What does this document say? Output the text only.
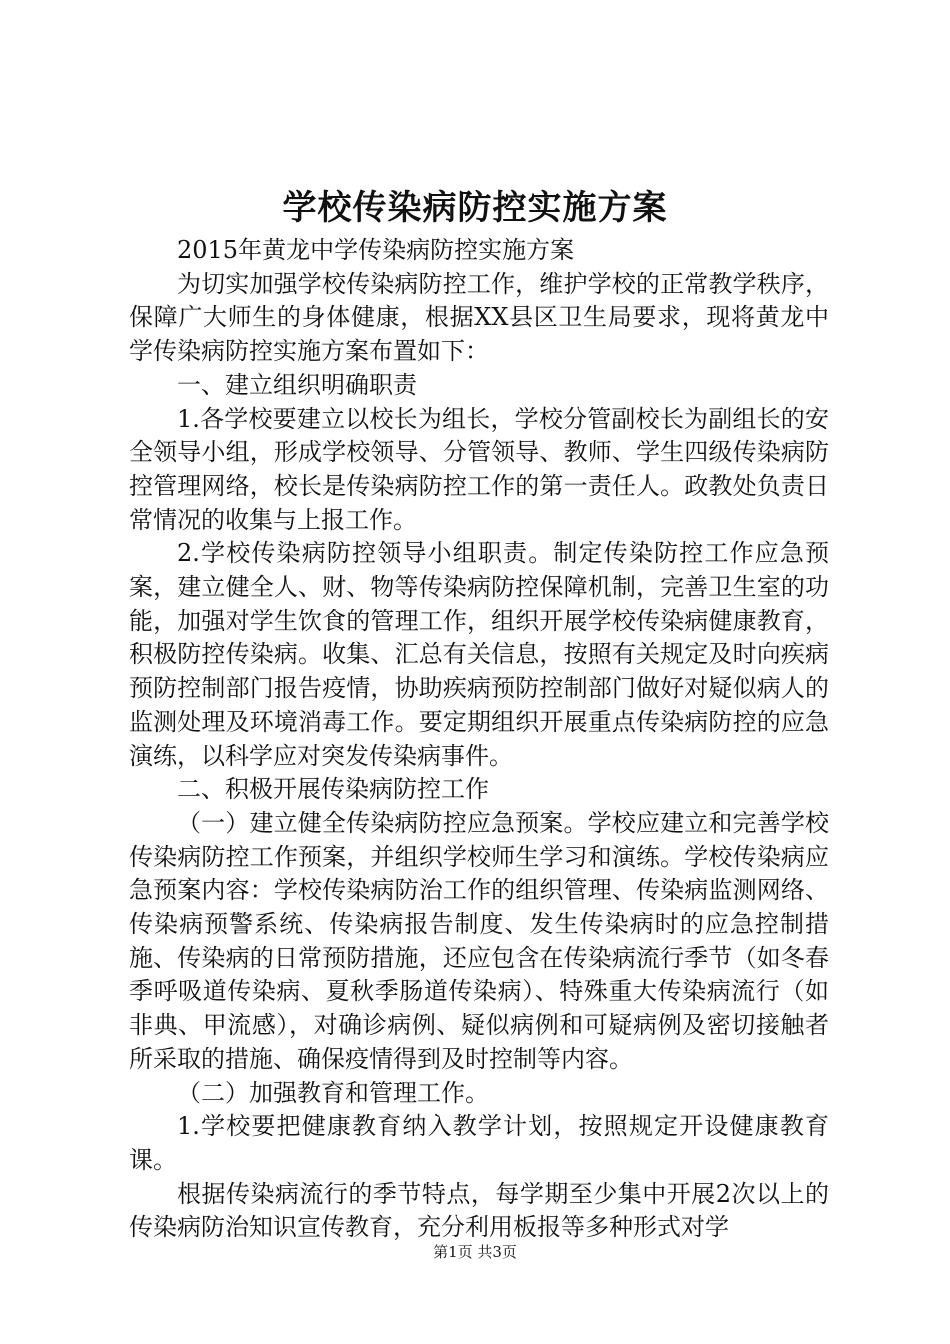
学校传染病防控实施方案

2015年黄龙中学传染病防控实施方案

为切实加强学校传染病防控工作，维护学校的正常教学秩序，保障广大师生的身体健康，根据XX县区卫生局要求，现将黄龙中学传染病防控实施方案布置如下：

一、建立组织明确职责

1.各学校要建立以校长为组长，学校分管副校长为副组长的安全领导小组，形成学校领导、分管领导、教师、学生四级传染病防控管理网络，校长是传染病防控工作的第一责任人。政教处负责日常情况的收集与上报工作。

2.学校传染病防控领导小组职责。制定传染防控工作应急预案，建立健全人、财、物等传染病防控保障机制，完善卫生室的功能，加强对学生饮食的管理工作，组织开展学校传染病健康教育，积极防控传染病。收集、汇总有关信息，按照有关规定及时向疾病预防控制部门报告疫情，协助疾病预防控制部门做好对疑似病人的监测处理及环境消毒工作。要定期组织开展重点传染病防控的应急演练，以科学应对突发传染病事件。

二、积极开展传染病防控工作

（一）建立健全传染病防控应急预案。学校应建立和完善学校传染病防控工作预案，并组织学校师生学习和演练。学校传染病应急预案内容：学校传染病防治工作的组织管理、传染病监测网络、传染病预警系统、传染病报告制度、发生传染病时的应急控制措施、传染病的日常预防措施，还应包含在传染病流行季节（如冬春季呼吸道传染病、夏秋季肠道传染病）、特殊重大传染病流行（如非典、甲流感），对确诊病例、疑似病例和可疑病例及密切接触者所采取的措施、确保疫情得到及时控制等内容。

（二）加强教育和管理工作。

1.学校要把健康教育纳入教学计划，按照规定开设健康教育课。

根据传染病流行的季节特点，每学期至少集中开展2次以上的传染病防治知识宣传教育，充分利用板报等多种形式对学

第1页 共3页
